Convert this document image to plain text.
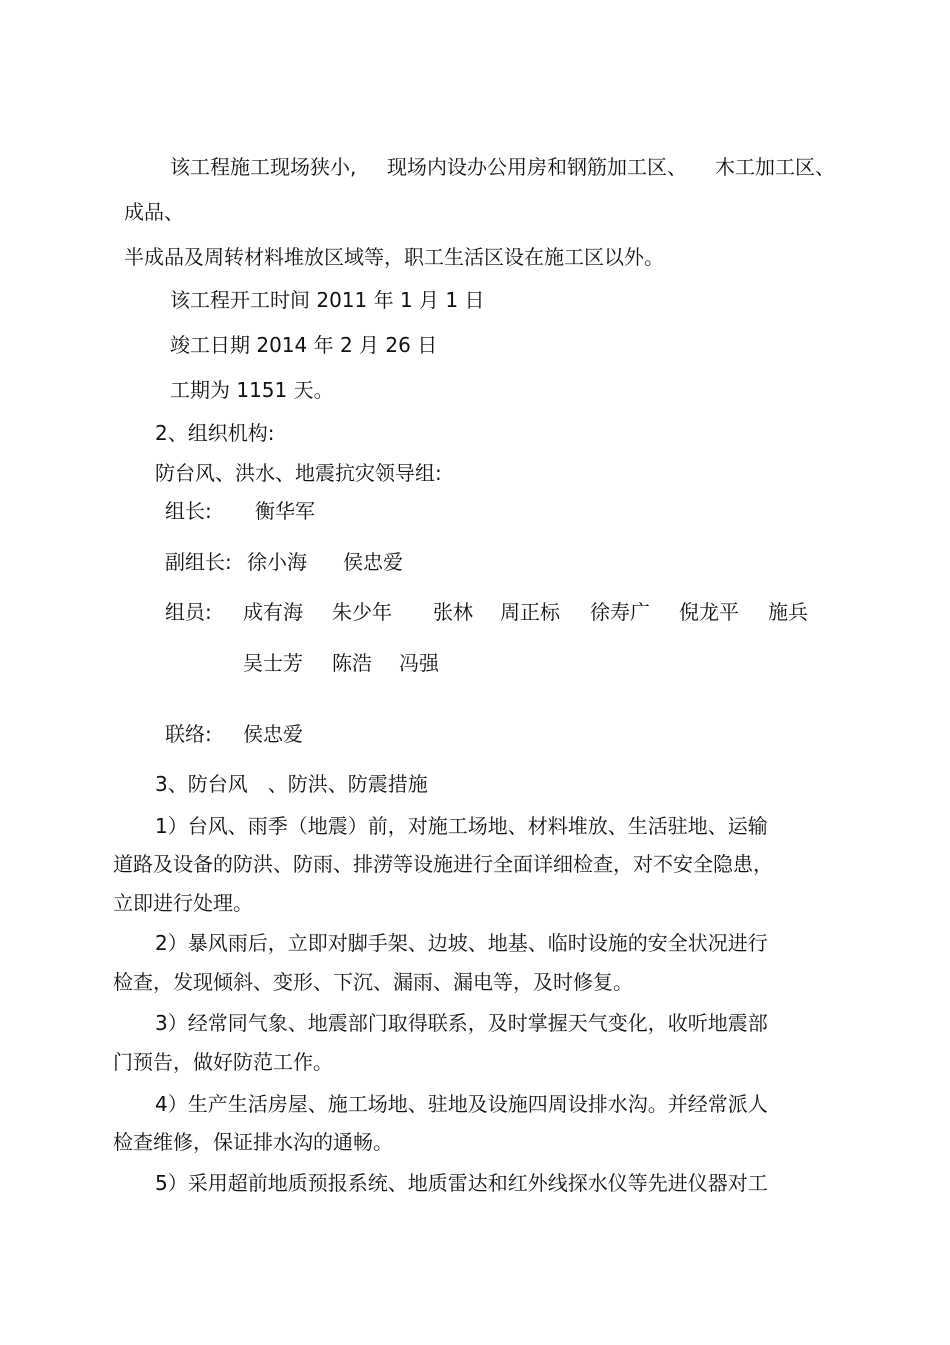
该工程施工现场狭小, 现场内设办公用房和钢筋加工区、 木工加工区、
成品、
半成品及周转材料堆放区域等，职工生活区设在施工区以外。
该工程开工时间 2011 年 1 月 1 日
竣工日期 2014 年 2 月 26 日
工期为 1151 天。
2、组织机构:
防台风、洪水、地震抗灾领导组:
组长: 衡华军
副组长: 徐小海 侯忠爱
组员: 成有海 朱少年 张林 周正标 徐寿广 倪龙平 施兵
吴士芳 陈浩 冯强
联络: 侯忠爱
3、防台风　、防洪、防震措施
1）台风、雨季（地震）前，对施工场地、材料堆放、生活驻地、运输
道路及设备的防洪、防雨、排涝等设施进行全面详细检查，对不安全隐患，
立即进行处理。
2）暴风雨后，立即对脚手架、边坡、地基、临时设施的安全状况进行
检查，发现倾斜、变形、下沉、漏雨、漏电等，及时修复。
3）经常同气象、地震部门取得联系，及时掌握天气变化，收听地震部
门预告，做好防范工作。
4）生产生活房屋、施工场地、驻地及设施四周设排水沟。并经常派人
检查维修，保证排水沟的通畅。
5）采用超前地质预报系统、地质雷达和红外线探水仪等先进仪器对工
